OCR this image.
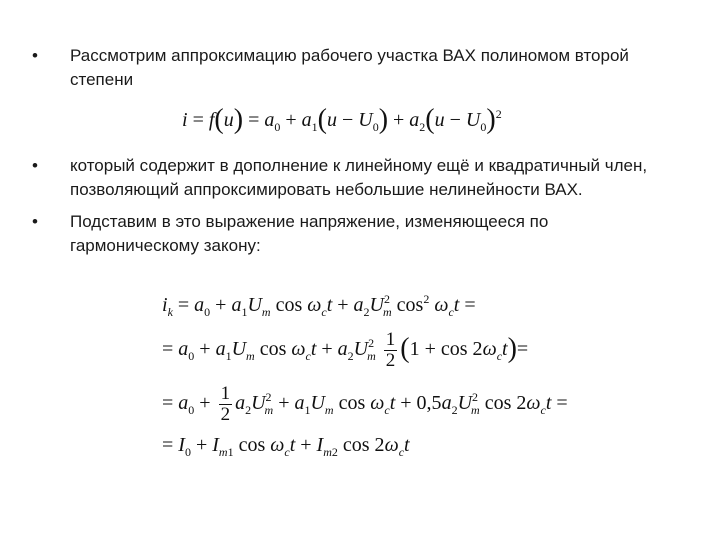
• Рассмотрим аппроксимацию рабочего участка ВАХ полиномом второй степени
$i = f(u) = a_0 + a_1(u - U_0) + a_2(u - U_0)^2$
• который содержит в дополнение к линейному ещё и квадратичный член, позволяющий аппроксимировать небольшие нелинейности ВАХ.
• Подставим в это выражение напряжение, изменяющееся по гармоническому закону:
$i_k = a_0 + a_1U_m$ $\cos \omega_ct + a_2U^2_m$ $\cos^2 \omega_ct$ =
= $a_0 + a_1U_m$ $\cos \omega_ct + a_2U^2_m \frac{1}{2} (1 + \cos 2\omega_ct)=$
= $a_0 + \frac{1}{2} a_2U^2_m + a_1U_m$ $\cos \omega_ct + 0,5a_2U^2_m$ $\cos 2\omega_ct$ =
= $I_0 + I_{m1}$ $\cos \omega_ct + I_{m2}$ $\cos 2\omega_ct$
